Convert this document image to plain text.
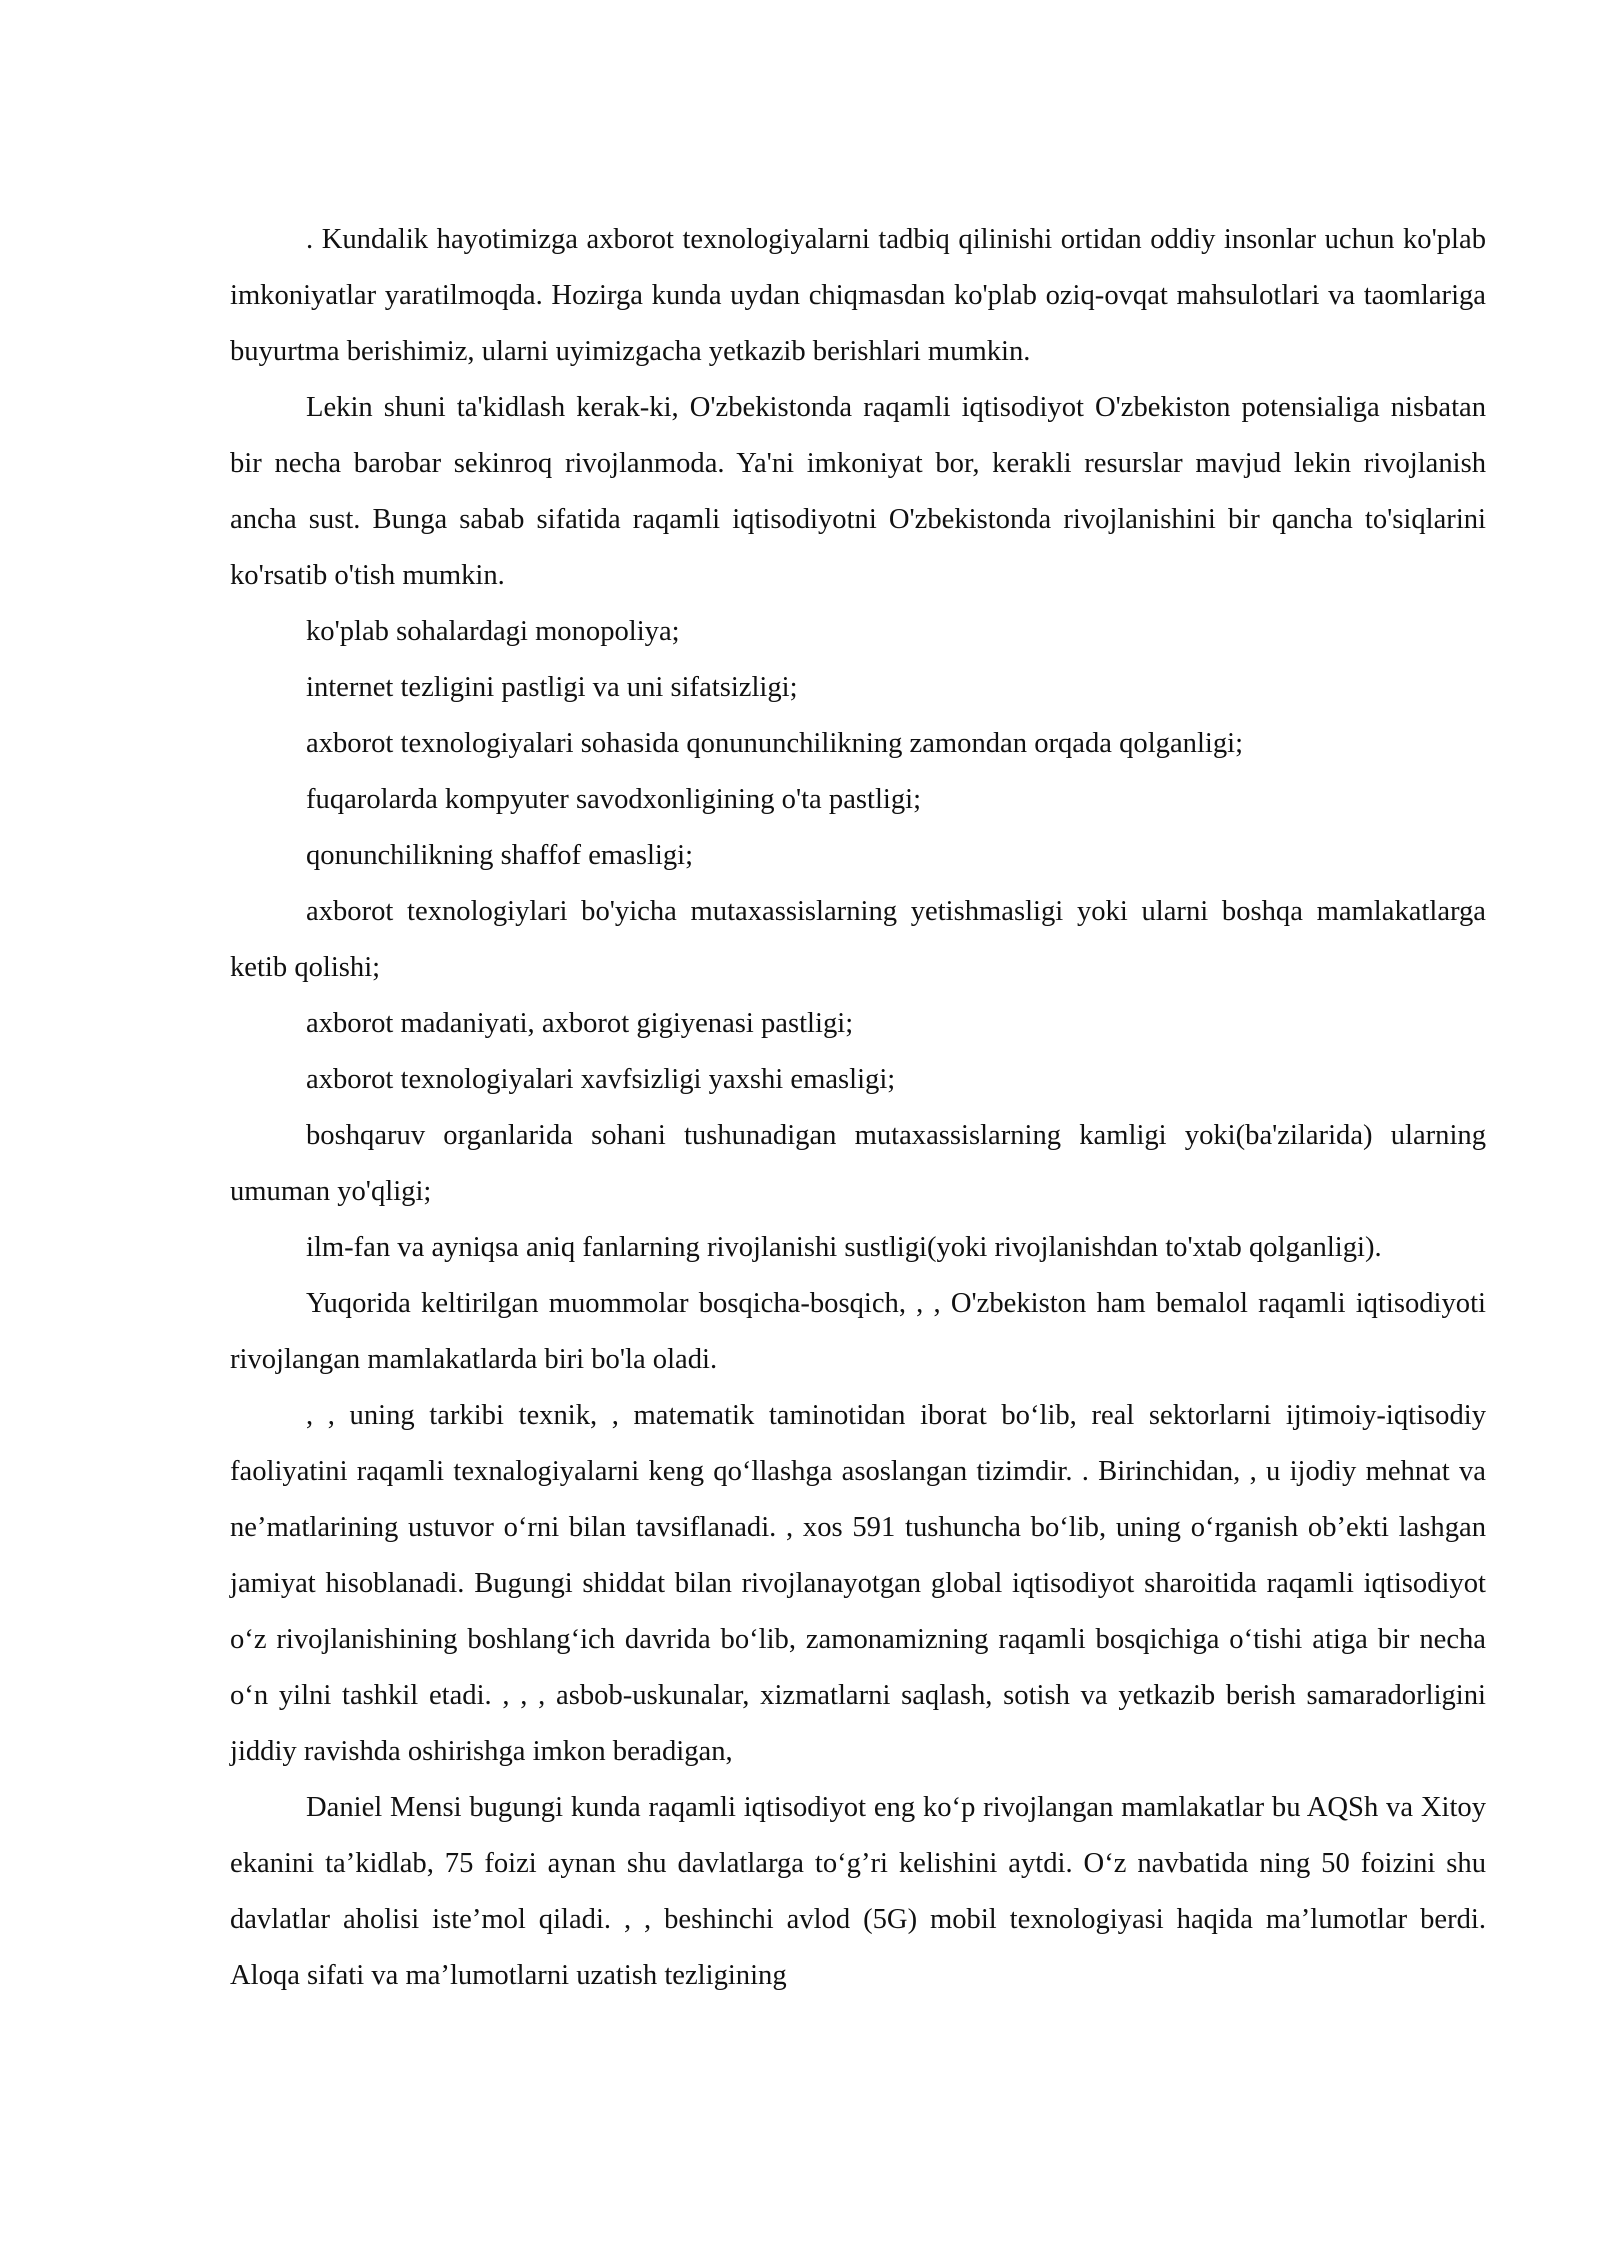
. Kundalik hayotimizga axborot texnologiyalarni tadbiq qilinishi ortidan oddiy insonlar uchun ko'plab imkoniyatlar yaratilmoqda. Hozirga kunda uydan chiqmasdan ko'plab oziq-ovqat mahsulotlari va taomlariga buyurtma berishimiz, ularni uyimizgacha yetkazib berishlari mumkin.

Lekin shuni ta'kidlash kerak-ki, O'zbekistonda raqamli iqtisodiyot O'zbekiston potensialiga nisbatan bir necha barobar sekinroq rivojlanmoda. Ya'ni imkoniyat bor, kerakli resurslar mavjud lekin rivojlanish ancha sust. Bunga sabab sifatida raqamli iqtisodiyotni O'zbekistonda rivojlanishini bir qancha to'siqlarini ko'rsatib o'tish mumkin.

ko'plab sohalardagi monopoliya;

internet tezligini pastligi va uni sifatsizligi;

axborot texnologiyalari sohasida qonununchilikning zamondan orqada qolganligi;

fuqarolarda kompyuter savodxonligining o'ta pastligi;

qonunchilikning shaffof emasligi;

axborot texnologiylari bo'yicha mutaxassislarning yetishmasligi yoki ularni boshqa mamlakatlarga ketib qolishi;

axborot madaniyati, axborot gigiyenasi pastligi;

axborot texnologiyalari xavfsizligi yaxshi emasligi;

boshqaruv organlarida sohani tushunadigan mutaxassislarning kamligi yoki(ba'zilarida) ularning umuman yo'qligi;

ilm-fan va ayniqsa aniq fanlarning rivojlanishi sustligi(yoki rivojlanishdan to'xtab qolganligi).

Yuqorida keltirilgan muommolar bosqicha-bosqich, , , O'zbekiston ham bemalol raqamli iqtisodiyoti rivojlangan mamlakatlarda biri bo'la oladi.

, , uning tarkibi texnik, , matematik taminotidan iborat bo‘lib, real sektorlarni ijtimoiy-iqtisodiy faoliyatini raqamli texnalogiyalarni keng qo‘llashga asoslangan tizimdir. . Birinchidan, , u ijodiy mehnat va ne’matlarining ustuvor o‘rni bilan tavsiflanadi. , xos 591 tushuncha bo‘lib, uning o‘rganish ob’ekti lashgan jamiyat hisoblanadi. Bugungi shiddat bilan rivojlanayotgan global iqtisodiyot sharoitida raqamli iqtisodiyot o‘z rivojlanishining boshlang‘ich davrida bo‘lib, zamonamizning raqamli bosqichiga o‘tishi atiga bir necha o‘n yilni tashkil etadi. , , , asbob-uskunalar, xizmatlarni saqlash, sotish va yetkazib berish samaradorligini jiddiy ravishda oshirishga imkon beradigan,

Daniel Mensi bugungi kunda raqamli iqtisodiyot eng ko‘p rivojlangan mamlakatlar bu AQSh va Xitoy ekanini ta’kidlab, 75 foizi aynan shu davlatlarga to‘g’ri kelishini aytdi. O‘z navbatida ning 50 foizini shu davlatlar aholisi iste’mol qiladi. , , beshinchi avlod (5G) mobil texnologiyasi haqida ma’lumotlar berdi. Aloqa sifati va ma’lumotlarni uzatish tezligining
